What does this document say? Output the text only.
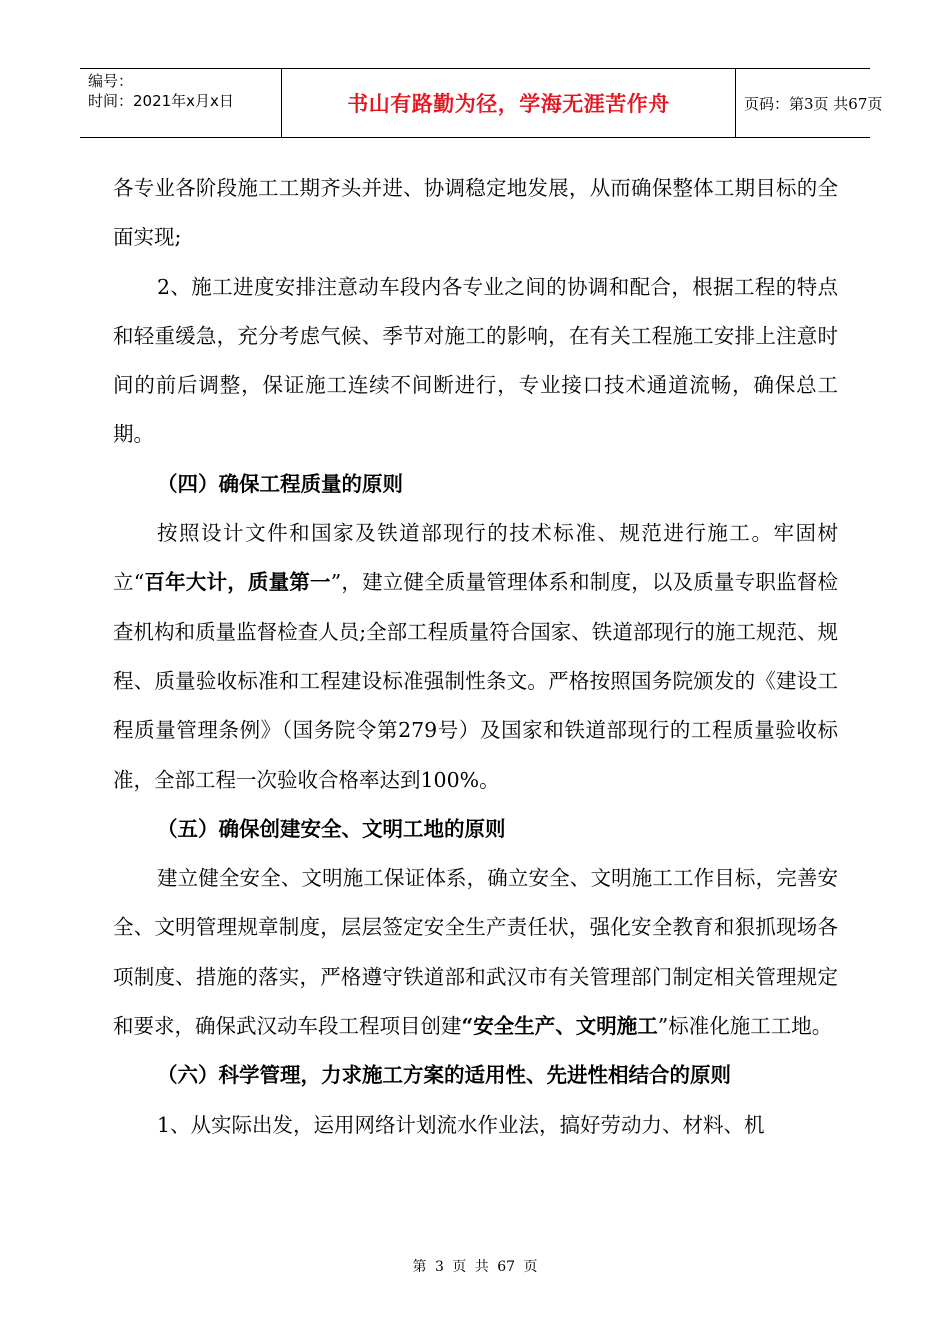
编号：
时间：2021年x月x日	书山有路勤为径，学海无涯苦作舟	页码：第3页 共67页

各专业各阶段施工工期齐头并进、协调稳定地发展，从而确保整体工期目标的全面实现;

2、施工进度安排注意动车段内各专业之间的协调和配合，根据工程的特点和轻重缓急，充分考虑气候、季节对施工的影响，在有关工程施工安排上注意时间的前后调整，保证施工连续不间断进行，专业接口技术通道流畅，确保总工期。

（四）确保工程质量的原则

按照设计文件和国家及铁道部现行的技术标准、规范进行施工。牢固树立“百年大计，质量第一”，建立健全质量管理体系和制度，以及质量专职监督检查机构和质量监督检查人员;全部工程质量符合国家、铁道部现行的施工规范、规程、质量验收标准和工程建设标准强制性条文。严格按照国务院颁发的《建设工程质量管理条例》（国务院令第279号）及国家和铁道部现行的工程质量验收标准，全部工程一次验收合格率达到100%。

（五）确保创建安全、文明工地的原则

建立健全安全、文明施工保证体系，确立安全、文明施工工作目标，完善安全、文明管理规章制度，层层签定安全生产责任状，强化安全教育和狠抓现场各项制度、措施的落实，严格遵守铁道部和武汉市有关管理部门制定相关管理规定和要求，确保武汉动车段工程项目创建“安全生产、文明施工”标准化施工工地。

（六）科学管理，力求施工方案的适用性、先进性相结合的原则

1、从实际出发，运用网络计划流水作业法，搞好劳动力、材料、机

第 3 页 共 67 页
